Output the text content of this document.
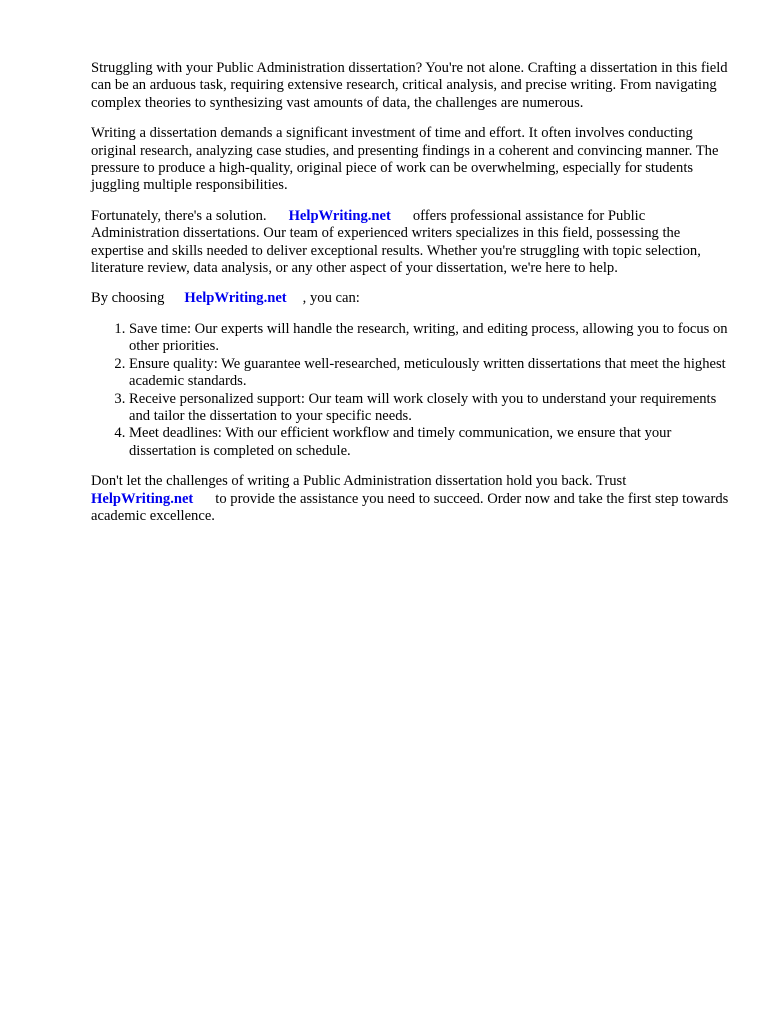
Struggling with your Public Administration dissertation? You're not alone. Crafting a dissertation in this field can be an arduous task, requiring extensive research, critical analysis, and precise writing. From navigating complex theories to synthesizing vast amounts of data, the challenges are numerous.

Writing a dissertation demands a significant investment of time and effort. It often involves conducting original research, analyzing case studies, and presenting findings in a coherent and convincing manner. The pressure to produce a high-quality, original piece of work can be overwhelming, especially for students juggling multiple responsibilities.

Fortunately, there's a solution. HelpWriting.net offers professional assistance for Public Administration dissertations. Our team of experienced writers specializes in this field, possessing the expertise and skills needed to deliver exceptional results. Whether you're struggling with topic selection, literature review, data analysis, or any other aspect of your dissertation, we're here to help.

By choosing HelpWriting.net , you can:

1. Save time: Our experts will handle the research, writing, and editing process, allowing you to focus on other priorities.
2. Ensure quality: We guarantee well-researched, meticulously written dissertations that meet the highest academic standards.
3. Receive personalized support: Our team will work closely with you to understand your requirements and tailor the dissertation to your specific needs.
4. Meet deadlines: With our efficient workflow and timely communication, we ensure that your dissertation is completed on schedule.

Don't let the challenges of writing a Public Administration dissertation hold you back. Trust
HelpWriting.net to provide the assistance you need to succeed. Order now and take the first step towards academic excellence.
